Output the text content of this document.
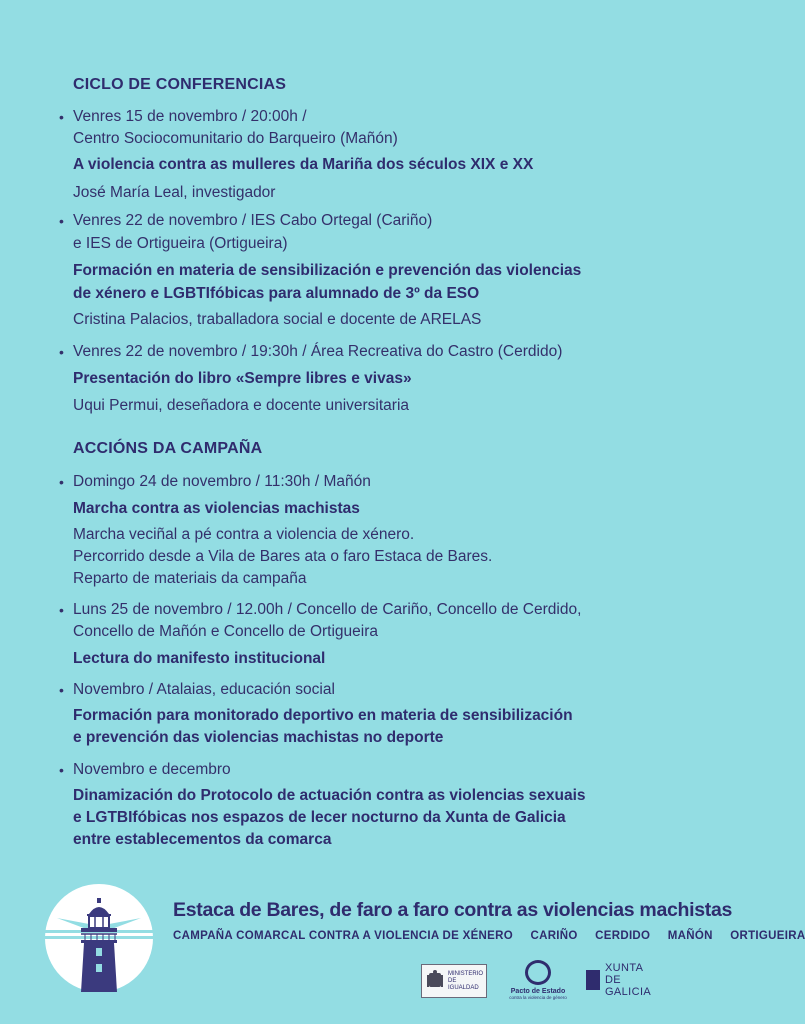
CICLO DE CONFERENCIAS
• Venres 15 de novembro / 20:00h /
Centro Sociocomunitario do Barqueiro (Mañón)
A violencia contra as mulleres da Mariña dos séculos XIX e XX
José María Leal, investigador
• Venres 22 de novembro / IES Cabo Ortegal (Cariño)
e IES de Ortigueira (Ortigueira)
Formación en materia de sensibilización e prevención das violencias
de xénero e LGBTIfóbicas para alumnado de 3º da ESO
Cristina Palacios, traballadora social e docente de ARELAS
• Venres 22 de novembro / 19:30h / Área Recreativa do Castro (Cerdido)
Presentación do libro «Sempre libres e vivas»
Uqui Permui, deseñadora e docente universitaria
ACCIÓNS DA CAMPAÑA
• Domingo 24 de novembro / 11:30h / Mañón
Marcha contra as violencias machistas
Marcha veciñal a pé contra a violencia de xénero.
Percorrido desde a Vila de Bares ata o faro Estaca de Bares.
Reparto de materiais da campaña
• Luns 25 de novembro / 12.00h / Concello de Cariño, Concello de Cerdido,
Concello de Mañón e Concello de Ortigueira
Lectura do manifesto institucional
• Novembro / Atalaias, educación social
Formación para monitorado deportivo en materia de sensibilización
e prevención das violencias machistas no deporte
• Novembro e decembro
Dinamización do Protocolo de actuación contra as violencias sexuais
e LGTBIfóbicas nos espazos de lecer nocturno da Xunta de Galicia
entre establecementos da comarca
Estaca de Bares, de faro a faro contra as violencias machistas
CAMPAÑA COMARCAL CONTRA A VIOLENCIA DE XÉNERO CARIÑO CERDIDO MAÑÓN ORTIGUEIRA
MINISTERIO
DE IGUALDAD
Pacto de Estado
contra la violencia de género
XUNTA
DE GALICIA
